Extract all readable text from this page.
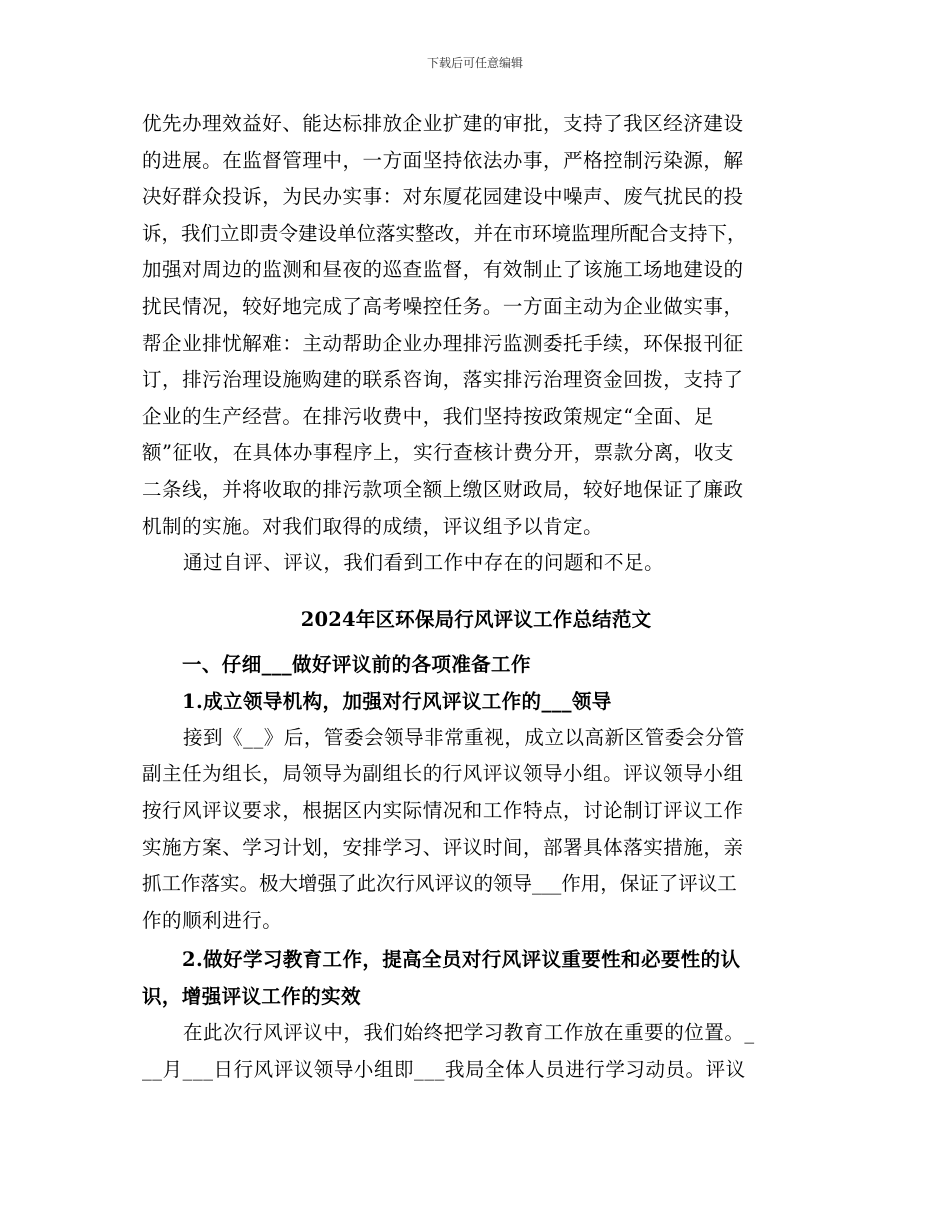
下载后可任意编辑
优先办理效益好、能达标排放企业扩建的审批，支持了我区经济建设
的进展。在监督管理中，一方面坚持依法办事，严格控制污染源，解
决好群众投诉，为民办实事：对东厦花园建设中噪声、废气扰民的投
诉，我们立即责令建设单位落实整改，并在市环境监理所配合支持下，
加强对周边的监测和昼夜的巡查监督，有效制止了该施工场地建设的
扰民情况，较好地完成了高考噪控任务。一方面主动为企业做实事，
帮企业排忧解难：主动帮助企业办理排污监测委托手续，环保报刊征
订，排污治理设施购建的联系咨询，落实排污治理资金回拨，支持了
企业的生产经营。在排污收费中，我们坚持按政策规定“全面、足
额”征收，在具体办事程序上，实行查核计费分开，票款分离，收支
二条线，并将收取的排污款项全额上缴区财政局，较好地保证了廉政
机制的实施。对我们取得的成绩，评议组予以肯定。
通过自评、评议，我们看到工作中存在的问题和不足。
2024年区环保局行风评议工作总结范文
一、仔细___做好评议前的各项准备工作
1.成立领导机构，加强对行风评议工作的___领导
接到《__》后，管委会领导非常重视，成立以高新区管委会分管
副主任为组长，局领导为副组长的行风评议领导小组。评议领导小组
按行风评议要求，根据区内实际情况和工作特点，讨论制订评议工作
实施方案、学习计划，安排学习、评议时间，部署具体落实措施，亲
抓工作落实。极大增强了此次行风评议的领导___作用，保证了评议工
作的顺利进行。
2.做好学习教育工作，提高全员对行风评议重要性和必要性的认
识，增强评议工作的实效
在此次行风评议中，我们始终把学习教育工作放在重要的位置。_
__月___日行风评议领导小组即___我局全体人员进行学习动员。评议
